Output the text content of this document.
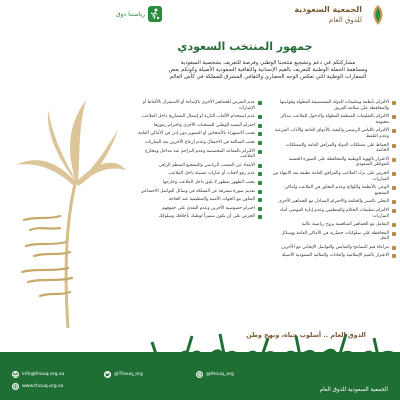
الجمعية السعودية
للذوق العام
رياضتنا ذوق
جمهور المنتخب السعودي

مشاركتكم في دعم وتشجيع منتخبنا الوطني وفرصة للتعريف بشخصية السعودية

ومساهمة الحملة الوطنية للتعريف بالقيم الإنسانية والثقافية السعودية الأصيلة وكونكم بعض

السفارات الوطنية التي تعكس الوجه الحضاري والثقافي المشرق للمملكة في كأس العالم

الالتزام بأنظمة وتعليمات الدولة المستضيفة للبطولة وقوانينها والمحافظة على سلامة الفريق
الالتزام بالتعليمات المنظمة للبطولة والدخول للملاعب بتذاكر مختومة
الالتزام باللباس الرسمي والتقيد بالأذواق العامة والآداب المرعية وعدم التلفظ
الحفاظ على ممتلكات الدولة والمرافق العامة والممتلكات الخاصة
الاعتزاز بالهوية الوطنية والمحافظة على الصورة الحسنة للمواطن السعودي
الحرص على ترك الملاعب والمرافق العامة نظيفة بعد الانتهاء من المباريات
الوعي بالأنظمة واللوائح وعدم التجاوز في الملاعب وأماكن التشجيع
التحلي بالصبر والحكمة والاحترام المتبادل مع الجماهير الأخرى
الالتزام بتعليمات الحكام والمنظمين وعدم إثارة الفوضى أثناء المباريات
التعامل مع الجماهير المنافسة بروح رياضية عالية
المحافظة على سلوكيات حضارية في الأماكن العامة ووسائل النقل
مراعاة قيم التسامح والتعايش والتواصل الإيجابي مع الآخرين
الاعتزاز بالقيم الإسلامية والعادات والتقاليد السعودية الأصيلة
عدم التعرض للجماهير الأخرى بالإساءة أو الاستفزاز بالألفاظ أو الإشارات
عدم استخدام الألعاب النارية أو إشعال الشماريخ داخل الملاعب
احترام النشيد الوطني للمنتخبات الأخرى واحترام رموزها
تجنب الاستهزاء بالأشخاص أو التصوير دون إذن في الأماكن العامة
تجنب المبالغة في الاحتفال وعدم إزعاج الآخرين بعد المباريات
الالتزام بالمقاعد المخصصة وعدم التزاحم عند مداخل ومخارج الملاعب
الابتعاد عن التعصب الرياضي والتشجيع المنظم الراقي
عدم رفع لافتات أو عبارات مسيئة داخل الملاعب
تجنب الظهور بمظهر لا يليق داخل الملاعب وخارجها
تقديم صورة مشرفة عن المملكة في وسائل التواصل الاجتماعي
التعاون مع الجهات الأمنية والتنظيمية عند الحاجة
احترام خصوصية الآخرين وعدم التعدي على حقوقهم
الحرص على أن تكون سفيراً لوطنك بأخلاقك وسلوكك
الذوق العام .. أسلوب حياة، ونهج وطن
info@thouq.org.sa
www.thouq.org.sa
@Thouq_org	@thouq_org
الجمعية السعودية للذوق العام
